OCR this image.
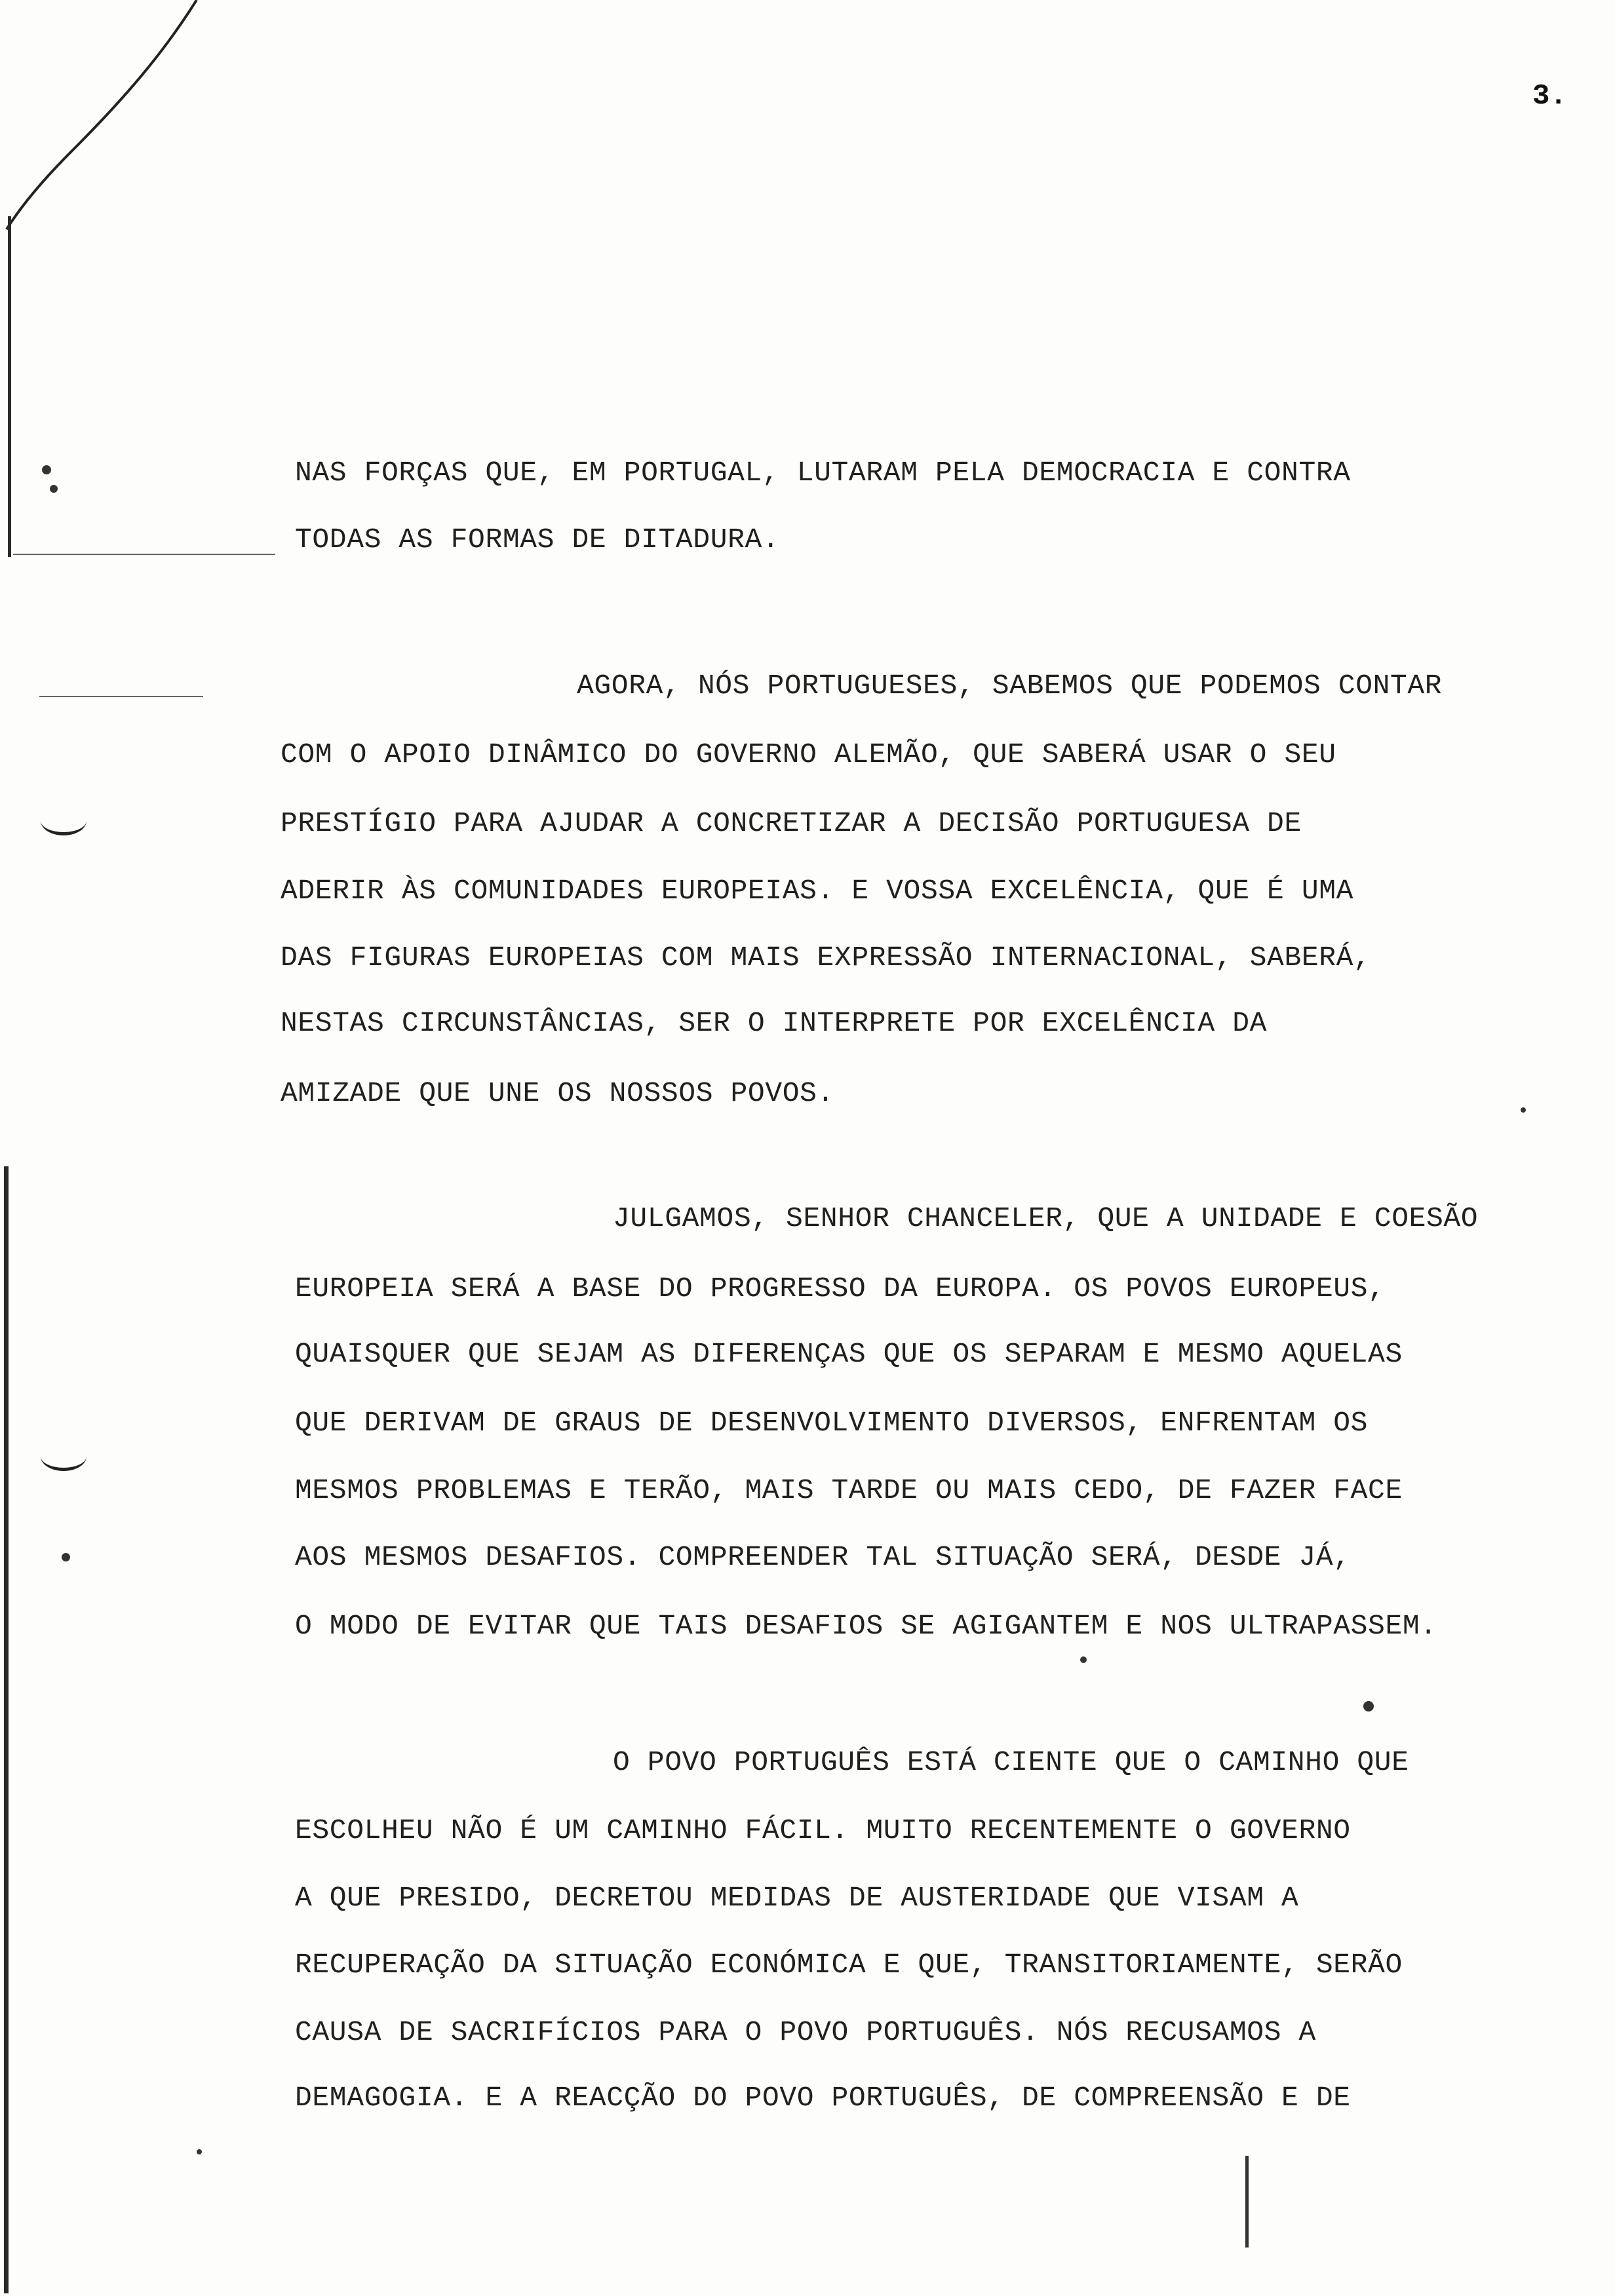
3.
NAS FORÇAS QUE, EM PORTUGAL, LUTARAM PELA DEMOCRACIA E CONTRA
TODAS AS FORMAS DE DITADURA.
AGORA, NÓS PORTUGUESES, SABEMOS QUE PODEMOS CONTAR
COM O APOIO DINÂMICO DO GOVERNO ALEMÃO, QUE SABERÁ USAR O SEU
PRESTÍGIO PARA AJUDAR A CONCRETIZAR A DECISÃO PORTUGUESA DE
ADERIR ÀS COMUNIDADES EUROPEIAS. E VOSSA EXCELÊNCIA, QUE É UMA
DAS FIGURAS EUROPEIAS COM MAIS EXPRESSÃO INTERNACIONAL, SABERÁ,
NESTAS CIRCUNSTÂNCIAS, SER O INTERPRETE POR EXCELÊNCIA DA
AMIZADE QUE UNE OS NOSSOS POVOS.
JULGAMOS, SENHOR CHANCELER, QUE A UNIDADE E COESÃO
EUROPEIA SERÁ A BASE DO PROGRESSO DA EUROPA. OS POVOS EUROPEUS,
QUAISQUER QUE SEJAM AS DIFERENÇAS QUE OS SEPARAM E MESMO AQUELAS
QUE DERIVAM DE GRAUS DE DESENVOLVIMENTO DIVERSOS, ENFRENTAM OS
MESMOS PROBLEMAS E TERÃO, MAIS TARDE OU MAIS CEDO, DE FAZER FACE
AOS MESMOS DESAFIOS. COMPREENDER TAL SITUAÇÃO SERÁ, DESDE JÁ,
O MODO DE EVITAR QUE TAIS DESAFIOS SE AGIGANTEM E NOS ULTRAPASSEM.
O POVO PORTUGUÊS ESTÁ CIENTE QUE O CAMINHO QUE
ESCOLHEU NÃO É UM CAMINHO FÁCIL. MUITO RECENTEMENTE O GOVERNO
A QUE PRESIDO, DECRETOU MEDIDAS DE AUSTERIDADE QUE VISAM A
RECUPERAÇÃO DA SITUAÇÃO ECONÓMICA E QUE, TRANSITORIAMENTE, SERÃO
CAUSA DE SACRIFÍCIOS PARA O POVO PORTUGUÊS. NÓS RECUSAMOS A
DEMAGOGIA. E A REACÇÃO DO POVO PORTUGUÊS, DE COMPREENSÃO E DE
